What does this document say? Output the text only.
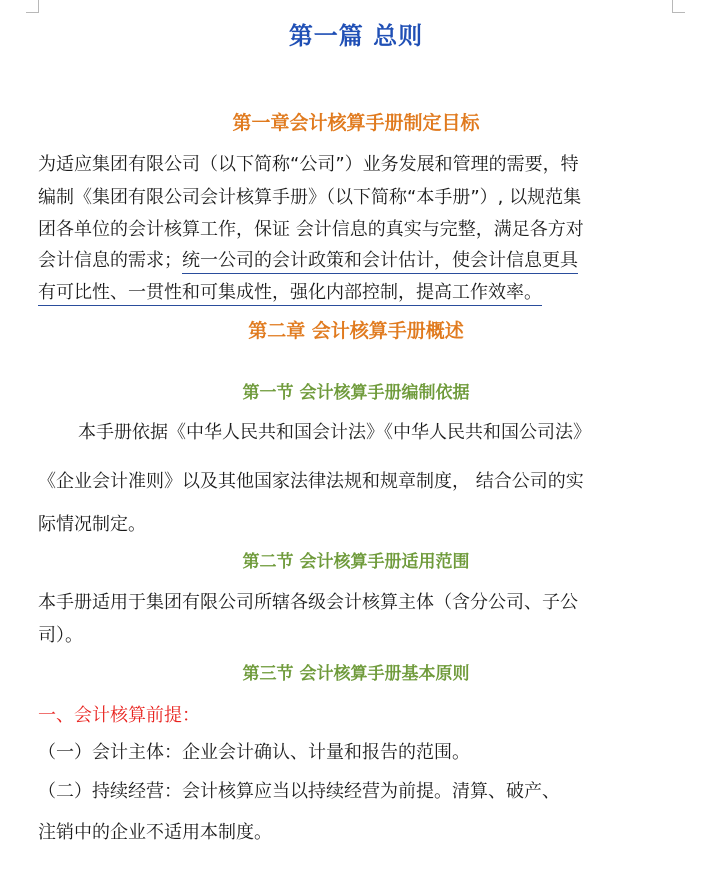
第一篇 总则
第一章会计核算手册制定目标
为适应集团有限公司（以下简称“公司”）业务发展和管理的需要，特
编制《集团有限公司会计核算手册》（以下简称“本手册”）, 以规范集
团各单位的会计核算工作，保证 会计信息的真实与完整，满足各方对
会计信息的需求；统一公司的会计政策和会计估计，使会计信息更具
有可比性、一贯性和可集成性，强化内部控制，提高工作效率。
第二章 会计核算手册概述
第一节 会计核算手册编制依据
本手册依据《中华人民共和国会计法》《中华人民共和国公司法》
《企业会计准则》以及其他国家法律法规和规章制度， 结合公司的实
际情况制定。
第二节 会计核算手册适用范围
本手册适用于集团有限公司所辖各级会计核算主体（含分公司、子公
司）。
第三节 会计核算手册基本原则
一、会计核算前提：
（一）会计主体：企业会计确认、计量和报告的范围。
（二）持续经营：会计核算应当以持续经营为前提。清算、破产、
注销中的企业不适用本制度。
